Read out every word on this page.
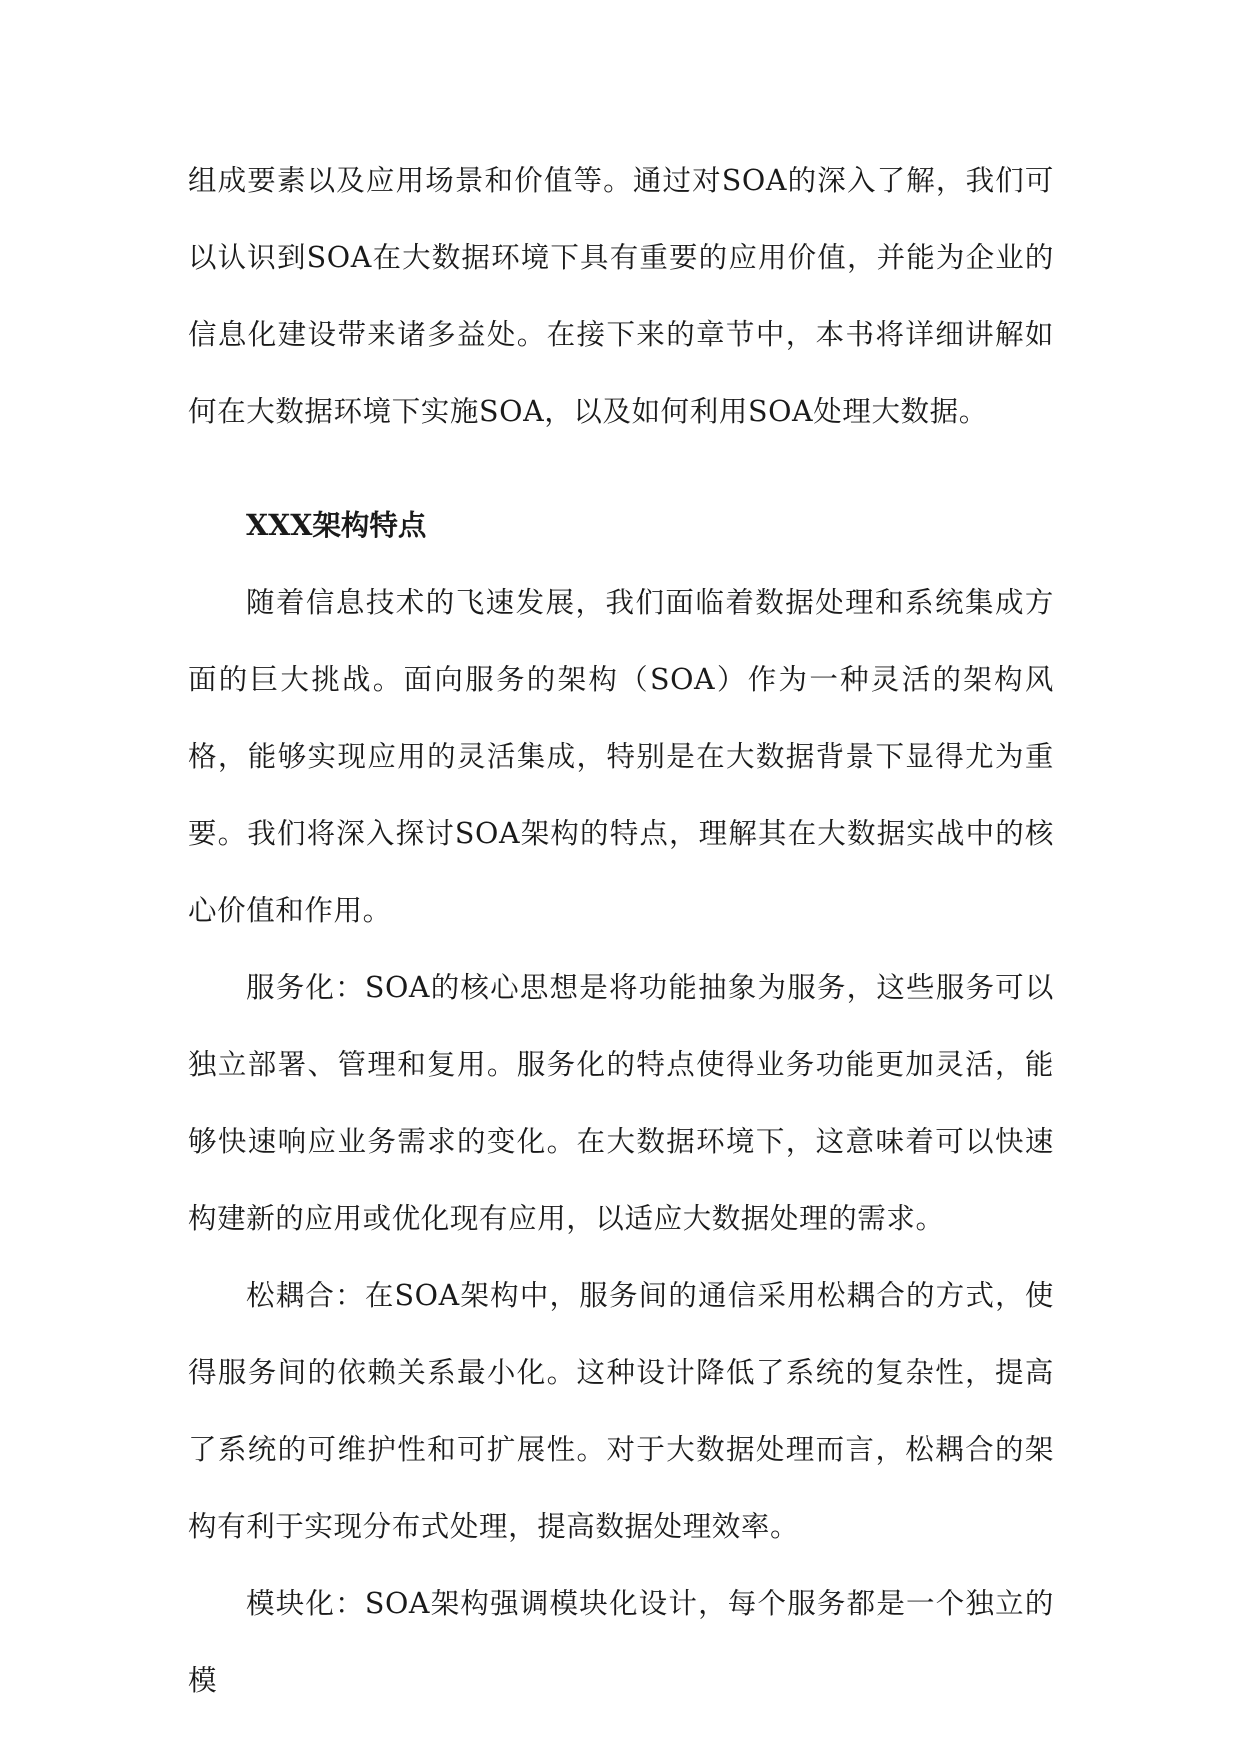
组成要素以及应用场景和价值等。通过对SOA的深入了解，我们可以认识到SOA在大数据环境下具有重要的应用价值，并能为企业的信息化建设带来诸多益处。在接下来的章节中，本书将详细讲解如何在大数据环境下实施SOA，以及如何利用SOA处理大数据。

XXX架构特点

随着信息技术的飞速发展，我们面临着数据处理和系统集成方面的巨大挑战。面向服务的架构（SOA）作为一种灵活的架构风格，能够实现应用的灵活集成，特别是在大数据背景下显得尤为重要。我们将深入探讨SOA架构的特点，理解其在大数据实战中的核心价值和作用。

服务化：SOA的核心思想是将功能抽象为服务，这些服务可以独立部署、管理和复用。服务化的特点使得业务功能更加灵活，能够快速响应业务需求的变化。在大数据环境下，这意味着可以快速构建新的应用或优化现有应用，以适应大数据处理的需求。

松耦合：在SOA架构中，服务间的通信采用松耦合的方式，使得服务间的依赖关系最小化。这种设计降低了系统的复杂性，提高了系统的可维护性和可扩展性。对于大数据处理而言，松耦合的架构有利于实现分布式处理，提高数据处理效率。

模块化：SOA架构强调模块化设计，每个服务都是一个独立的模
